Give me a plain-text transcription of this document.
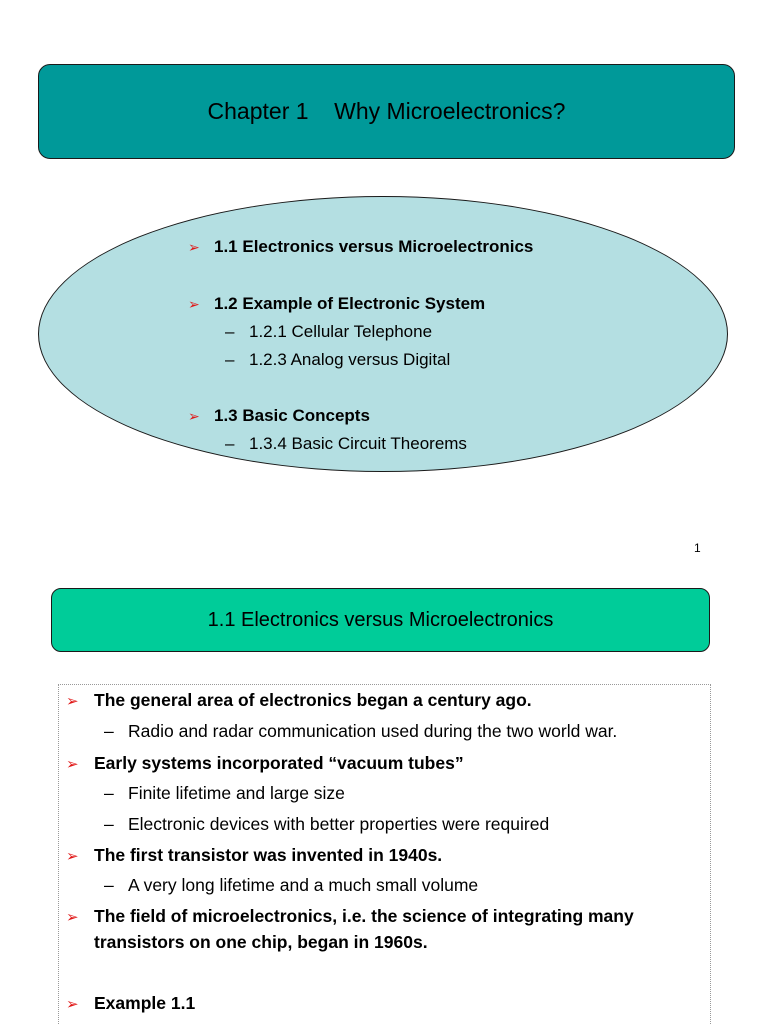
Chapter 1
Why Microelectronics?
➢ 1.1 Electronics versus Microelectronics
➢ 1.2 Example of Electronic System
– 1.2.1 Cellular Telephone
– 1.2.3 Analog versus Digital
➢ 1.3 Basic Concepts
– 1.3.4 Basic Circuit Theorems
1
1.1 Electronics versus Microelectronics
➢ The general area of electronics began a century ago.
– Radio and radar communication used during the two world war.
➢ Early systems incorporated “vacuum tubes”
– Finite lifetime and large size
– Electronic devices with better properties were required
➢ The first transistor was invented in 1940s.
– A very long lifetime and a much small volume
➢ The field of microelectronics, i.e. the science of integrating many
transistors on one chip, began in 1960s.
➢ Example 1.1
